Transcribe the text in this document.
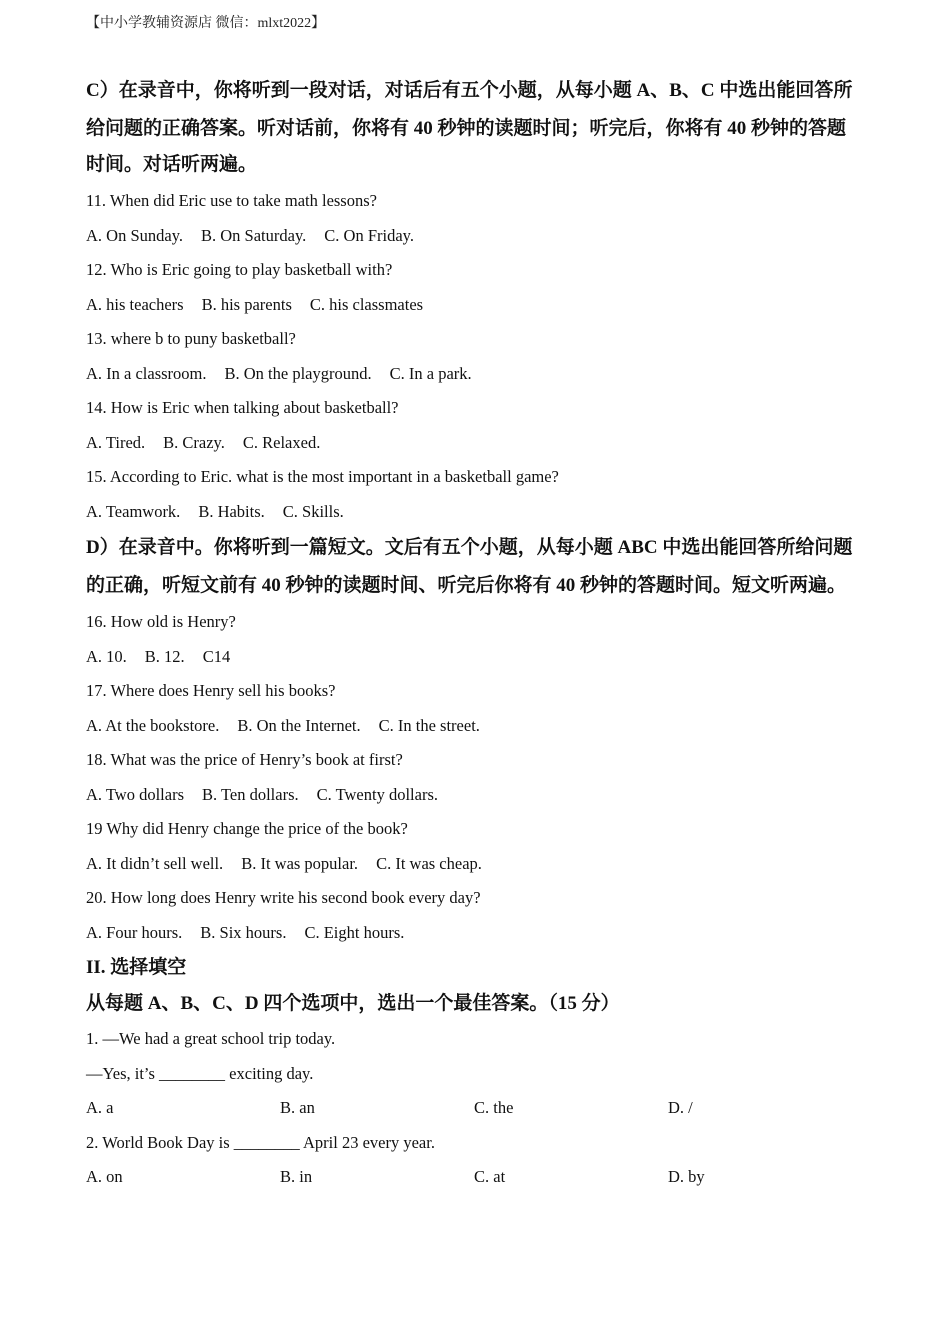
【中小学教辅资源店 微信：mlxt2022】

C）在录音中，你将听到一段对话，对话后有五个小题，从每小题 A、B、C 中选出能回答所

给问题的正确答案。听对话前，你将有 40 秒钟的读题时间；听完后，你将有 40 秒钟的答题

时间。对话听两遍。

11. When did Eric use to take math lessons?

A. On Sunday. B. On Saturday. C. On Friday.

12. Who is Eric going to play basketball with?

A. his teachers B. his parents C. his classmates

13. where b to puny basketball?

A. In a classroom. B. On the playground. C. In a park.

14. How is Eric when talking about basketball?

A. Tired. B. Crazy. C. Relaxed.

15. According to Eric. what is the most important in a basketball game?

A. Teamwork. B. Habits. C. Skills.

D）在录音中。你将听到一篇短文。文后有五个小题，从每小题 ABC 中选出能回答所给问题

的正确，听短文前有 40 秒钟的读题时间、听完后你将有 40 秒钟的答题时间。短文听两遍。

16. How old is Henry?

A. 10. B. 12. C14

17. Where does Henry sell his books?

A. At the bookstore. B. On the Internet. C. In the street.

18. What was the price of Henry’s book at first?

A. Two dollars B. Ten dollars. C. Twenty dollars.

19 Why did Henry change the price of the book?

A. It didn’t sell well. B. It was popular. C. It was cheap.

20. How long does Henry write his second book every day?

A. Four hours. B. Six hours. C. Eight hours.

II. 选择填空

从每题 A、B、C、D 四个选项中，选出一个最佳答案。（15 分）

1. —We had a great school trip today.

—Yes, it’s ________ exciting day.

A. a	B. an	C. the	D. /

2. World Book Day is ________ April 23 every year.

A. on	B. in	C. at	D. by
